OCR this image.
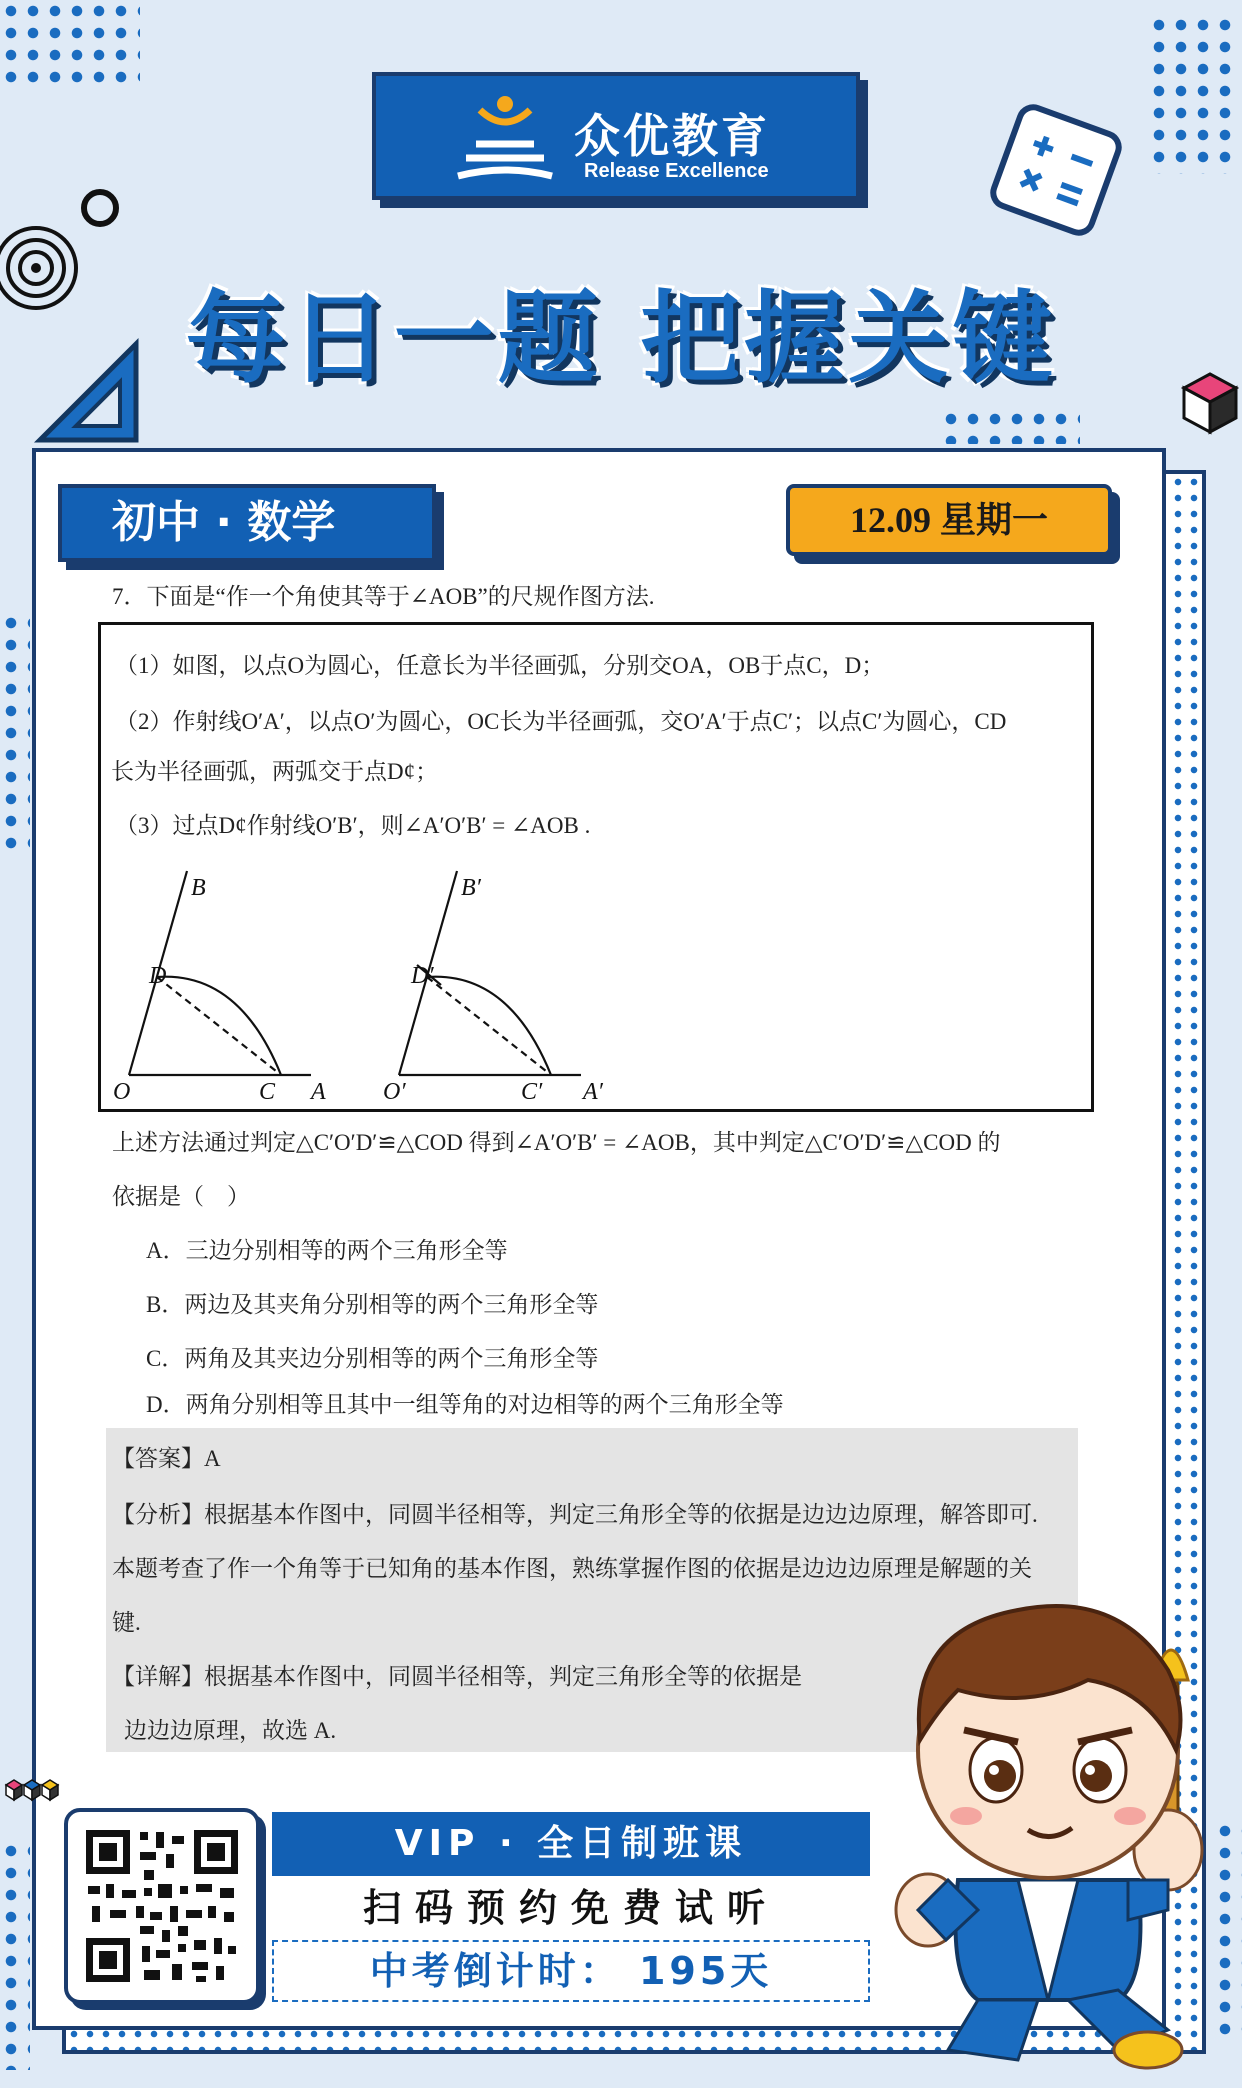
众优教育
Release Excellence
每日一题 把握关键
初中 · 数学	12.09 星期一
7．下面是“作一个角使其等于∠AOB”的尺规作图方法.
（1）如图，以点O为圆心，任意长为半径画弧，分别交OA，OB于点C，D；
（2）作射线O′A′，以点O′为圆心，OC长为半径画弧，交O′A′于点C′；以点C′为圆心，CD
长为半径画弧，两弧交于点D¢；
（3）过点D¢作射线O′B′，则∠A′O′B′ = ∠AOB .
B
D
O	C A
B′
D′
O′	C′ A′
上述方法通过判定△C′O′D′≌△COD 得到∠A′O′B′ = ∠AOB，其中判定△C′O′D′≌△COD 的
依据是（　）
A．三边分别相等的两个三角形全等
B．两边及其夹角分别相等的两个三角形全等
C．两角及其夹边分别相等的两个三角形全等
D．两角分别相等且其中一组等角的对边相等的两个三角形全等
【答案】A
【分析】根据基本作图中，同圆半径相等，判定三角形全等的依据是边边边原理，解答即可.
本题考查了作一个角等于已知角的基本作图，熟练掌握作图的依据是边边边原理是解题的关
键.
【详解】根据基本作图中，同圆半径相等，判定三角形全等的依据是
边边边原理，故选 A.
VIP · 全日制班课
扫码预约免费试听
中考倒计时： 195天
